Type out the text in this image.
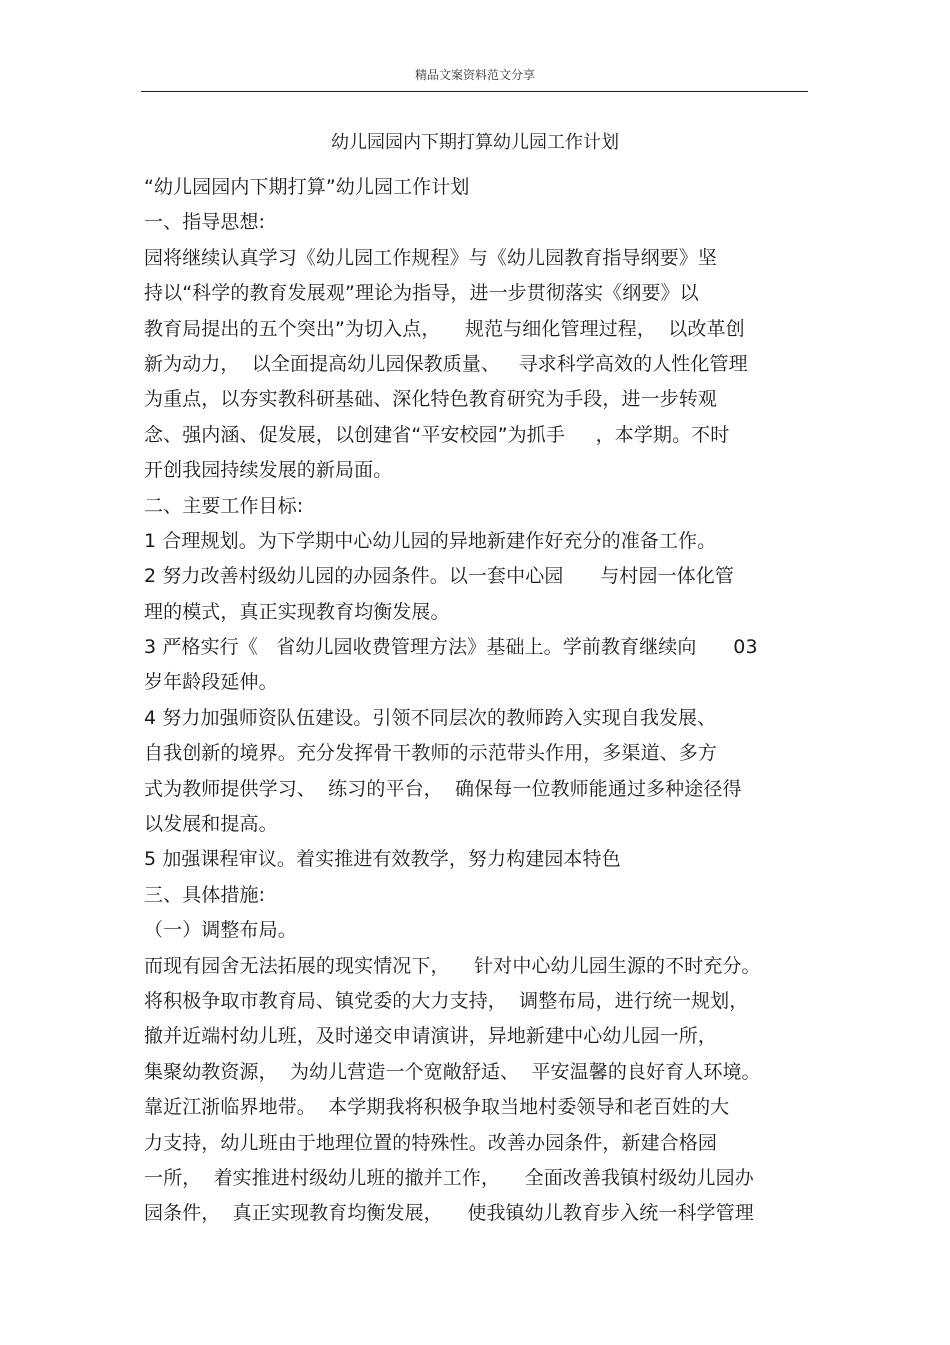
精品文案资料范文分享
幼儿园园内下期打算幼儿园工作计划
“幼儿园园内下期打算”幼儿园工作计划
一、指导思想:
园将继续认真学习《幼儿园工作规程》与《幼儿园教育指导纲要》坚
持以“科学的教育发展观”理论为指导，进一步贯彻落实《纲要》以
教育局提出的五个突出”为切入点，    规范与细化管理过程，  以改革创
新为动力，  以全面提高幼儿园保教质量、   寻求科学高效的人性化管理
为重点，以夯实教科研基础、深化特色教育研究为手段，进一步转观
念、强内涵、促发展，以创建省“平安校园”为抓手     ，本学期。不时
开创我园持续发展的新局面。
二、主要工作目标:
1 合理规划。为下学期中心幼儿园的异地新建作好充分的准备工作。
2 努力改善村级幼儿园的办园条件。以一套中心园      与村园一体化管
理的模式，真正实现教育均衡发展。
3 严格实行《   省幼儿园收费管理方法》基础上。学前教育继续向      03
岁年龄段延伸。
4 努力加强师资队伍建设。引领不同层次的教师跨入实现自我发展、
自我创新的境界。充分发挥骨干教师的示范带头作用，多渠道、多方
式为教师提供学习、  练习的平台，  确保每一位教师能通过多种途径得
以发展和提高。
5 加强课程审议。着实推进有效教学，努力构建园本特色
三、具体措施:
（一）调整布局。
而现有园舍无法拓展的现实情况下，    针对中心幼儿园生源的不时充分。
将积极争取市教育局、镇党委的大力支持，  调整布局，进行统一规划，
撤并近端村幼儿班，及时递交申请演讲，异地新建中心幼儿园一所，
集聚幼教资源，  为幼儿营造一个宽敞舒适、  平安温馨的良好育人环境。
靠近江浙临界地带。  本学期我将积极争取当地村委领导和老百姓的大
力支持，幼儿班由于地理位置的特殊性。改善办园条件，新建合格园
一所，  着实推进村级幼儿班的撤并工作，    全面改善我镇村级幼儿园办
园条件，  真正实现教育均衡发展，    使我镇幼儿教育步入统一科学管理
